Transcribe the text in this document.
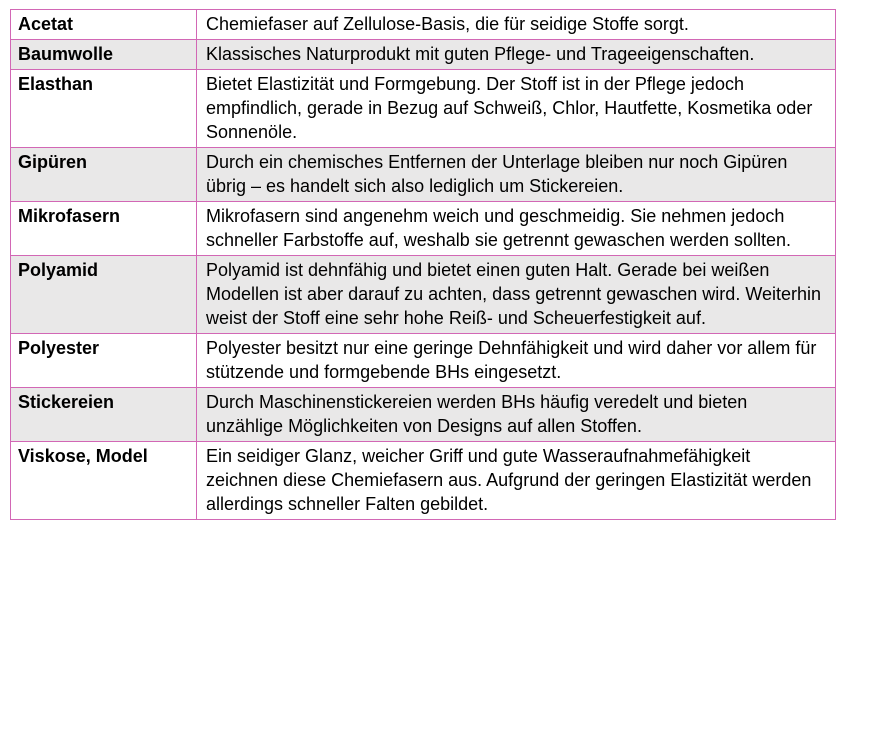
Acetat	Chemiefaser auf Zellulose-Basis, die für seidige Stoffe sorgt.
Baumwolle	Klassisches Naturprodukt mit guten Pflege- und Trageeigenschaften.
Elasthan	Bietet Elastizität und Formgebung. Der Stoff ist in der Pflege jedoch empfindlich, gerade in Bezug auf Schweiß, Chlor, Hautfette, Kosmetika oder Sonnenöle.
Gipüren	Durch ein chemisches Entfernen der Unterlage bleiben nur noch Gipüren übrig – es handelt sich also lediglich um Stickereien.
Mikrofasern	Mikrofasern sind angenehm weich und geschmeidig. Sie nehmen jedoch schneller Farbstoffe auf, weshalb sie getrennt gewaschen werden sollten.
Polyamid	Polyamid ist dehnfähig und bietet einen guten Halt. Gerade bei weißen Modellen ist aber darauf zu achten, dass getrennt gewaschen wird. Weiterhin weist der Stoff eine sehr hohe Reiß- und Scheuerfestigkeit auf.
Polyester	Polyester besitzt nur eine geringe Dehnfähigkeit und wird daher vor allem für stützende und formgebende BHs eingesetzt.
Stickereien	Durch Maschinenstickereien werden BHs häufig veredelt und bieten unzählige Möglichkeiten von Designs auf allen Stoffen.
Viskose, Model	Ein seidiger Glanz, weicher Griff und gute Wasseraufnahmefähigkeit zeichnen diese Chemiefasern aus. Aufgrund der geringen Elastizität werden allerdings schneller Falten gebildet.
